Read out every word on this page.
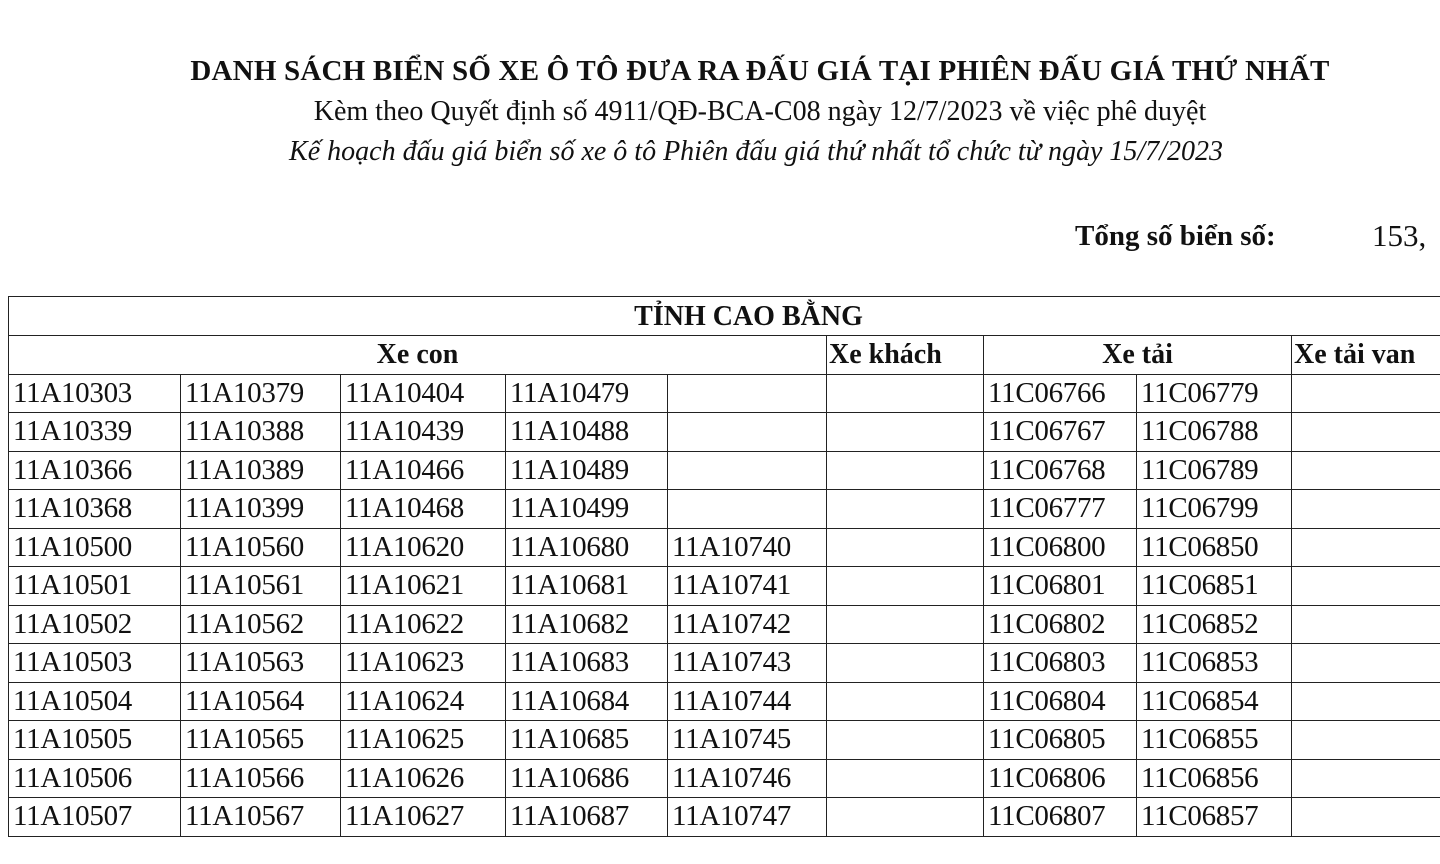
DANH SÁCH BIỂN SỐ XE Ô TÔ ĐƯA RA ĐẤU GIÁ TẠI PHIÊN ĐẤU GIÁ THỨ NHẤT
Kèm theo Quyết định số 4911/QĐ-BCA-C08 ngày 12/7/2023 về việc phê duyệt
Kế hoạch đấu giá biển số xe ô tô Phiên đấu giá thứ nhất tổ chức từ ngày 15/7/2023
Tổng số biển số:	153,
TỈNH CAO BẰNG								
Xe con					Xe khách	Xe tải		Xe tải van
11A10303	11A10379	11A10404	11A10479			11C06766	11C06779	
11A10339	11A10388	11A10439	11A10488			11C06767	11C06788	
11A10366	11A10389	11A10466	11A10489			11C06768	11C06789	
11A10368	11A10399	11A10468	11A10499			11C06777	11C06799	
11A10500	11A10560	11A10620	11A10680	11A10740		11C06800	11C06850	
11A10501	11A10561	11A10621	11A10681	11A10741		11C06801	11C06851	
11A10502	11A10562	11A10622	11A10682	11A10742		11C06802	11C06852	
11A10503	11A10563	11A10623	11A10683	11A10743		11C06803	11C06853	
11A10504	11A10564	11A10624	11A10684	11A10744		11C06804	11C06854	
11A10505	11A10565	11A10625	11A10685	11A10745		11C06805	11C06855	
11A10506	11A10566	11A10626	11A10686	11A10746		11C06806	11C06856	
11A10507	11A10567	11A10627	11A10687	11A10747		11C06807	11C06857	
